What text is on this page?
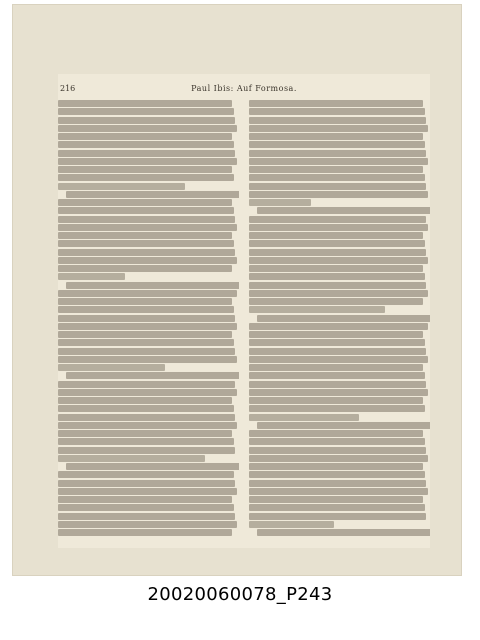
216	Paul Ibis: Auf Formosa.
20020060078_P243
